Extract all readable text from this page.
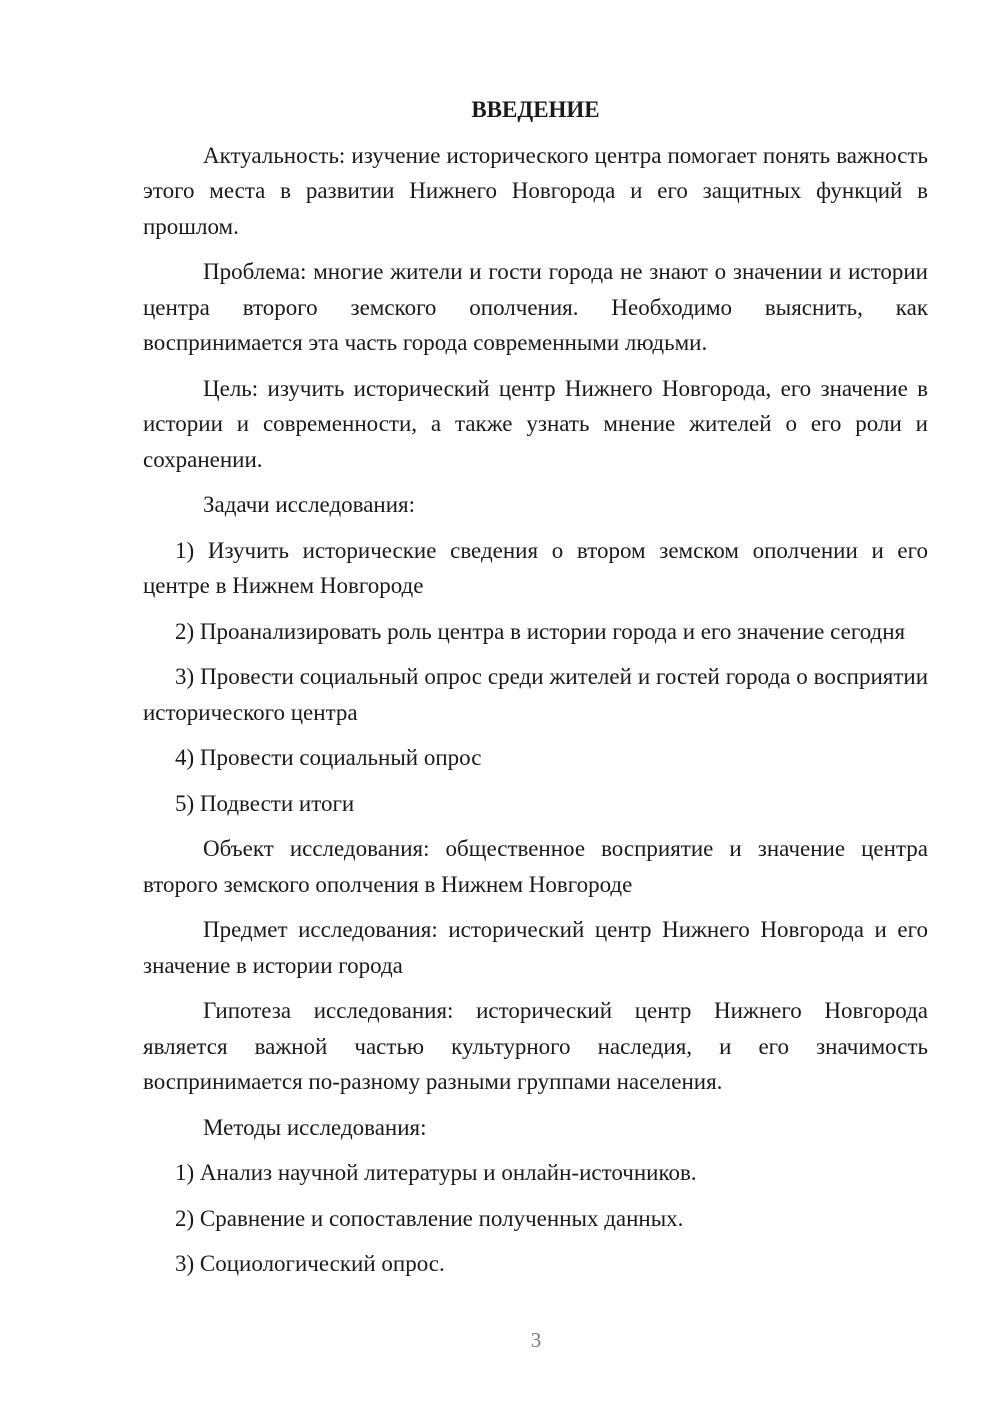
ВВЕДЕНИЕ
Актуальность: изучение исторического центра помогает понять важность этого места в развитии Нижнего Новгорода и его защитных функций в прошлом.
Проблема: многие жители и гости города не знают о значении и истории центра второго земского ополчения. Необходимо выяснить, как воспринимается эта часть города современными людьми.
Цель: изучить исторический центр Нижнего Новгорода, его значение в истории и современности, а также узнать мнение жителей о его роли и сохранении.
Задачи исследования:
1) Изучить исторические сведения о втором земском ополчении и его центре в Нижнем Новгороде
2) Проанализировать роль центра в истории города и его значение сегодня
3) Провести социальный опрос среди жителей и гостей города о восприятии исторического центра
4) Провести социальный опрос
5) Подвести итоги
Объект исследования: общественное восприятие и значение центра второго земского ополчения в Нижнем Новгороде
Предмет исследования: исторический центр Нижнего Новгорода и его значение в истории города
Гипотеза исследования: исторический центр Нижнего Новгорода является важной частью культурного наследия, и его значимость воспринимается по-разному разными группами населения.
Методы исследования:
1) Анализ научной литературы и онлайн-источников.
2) Сравнение и сопоставление полученных данных.
3) Социологический опрос.
3
